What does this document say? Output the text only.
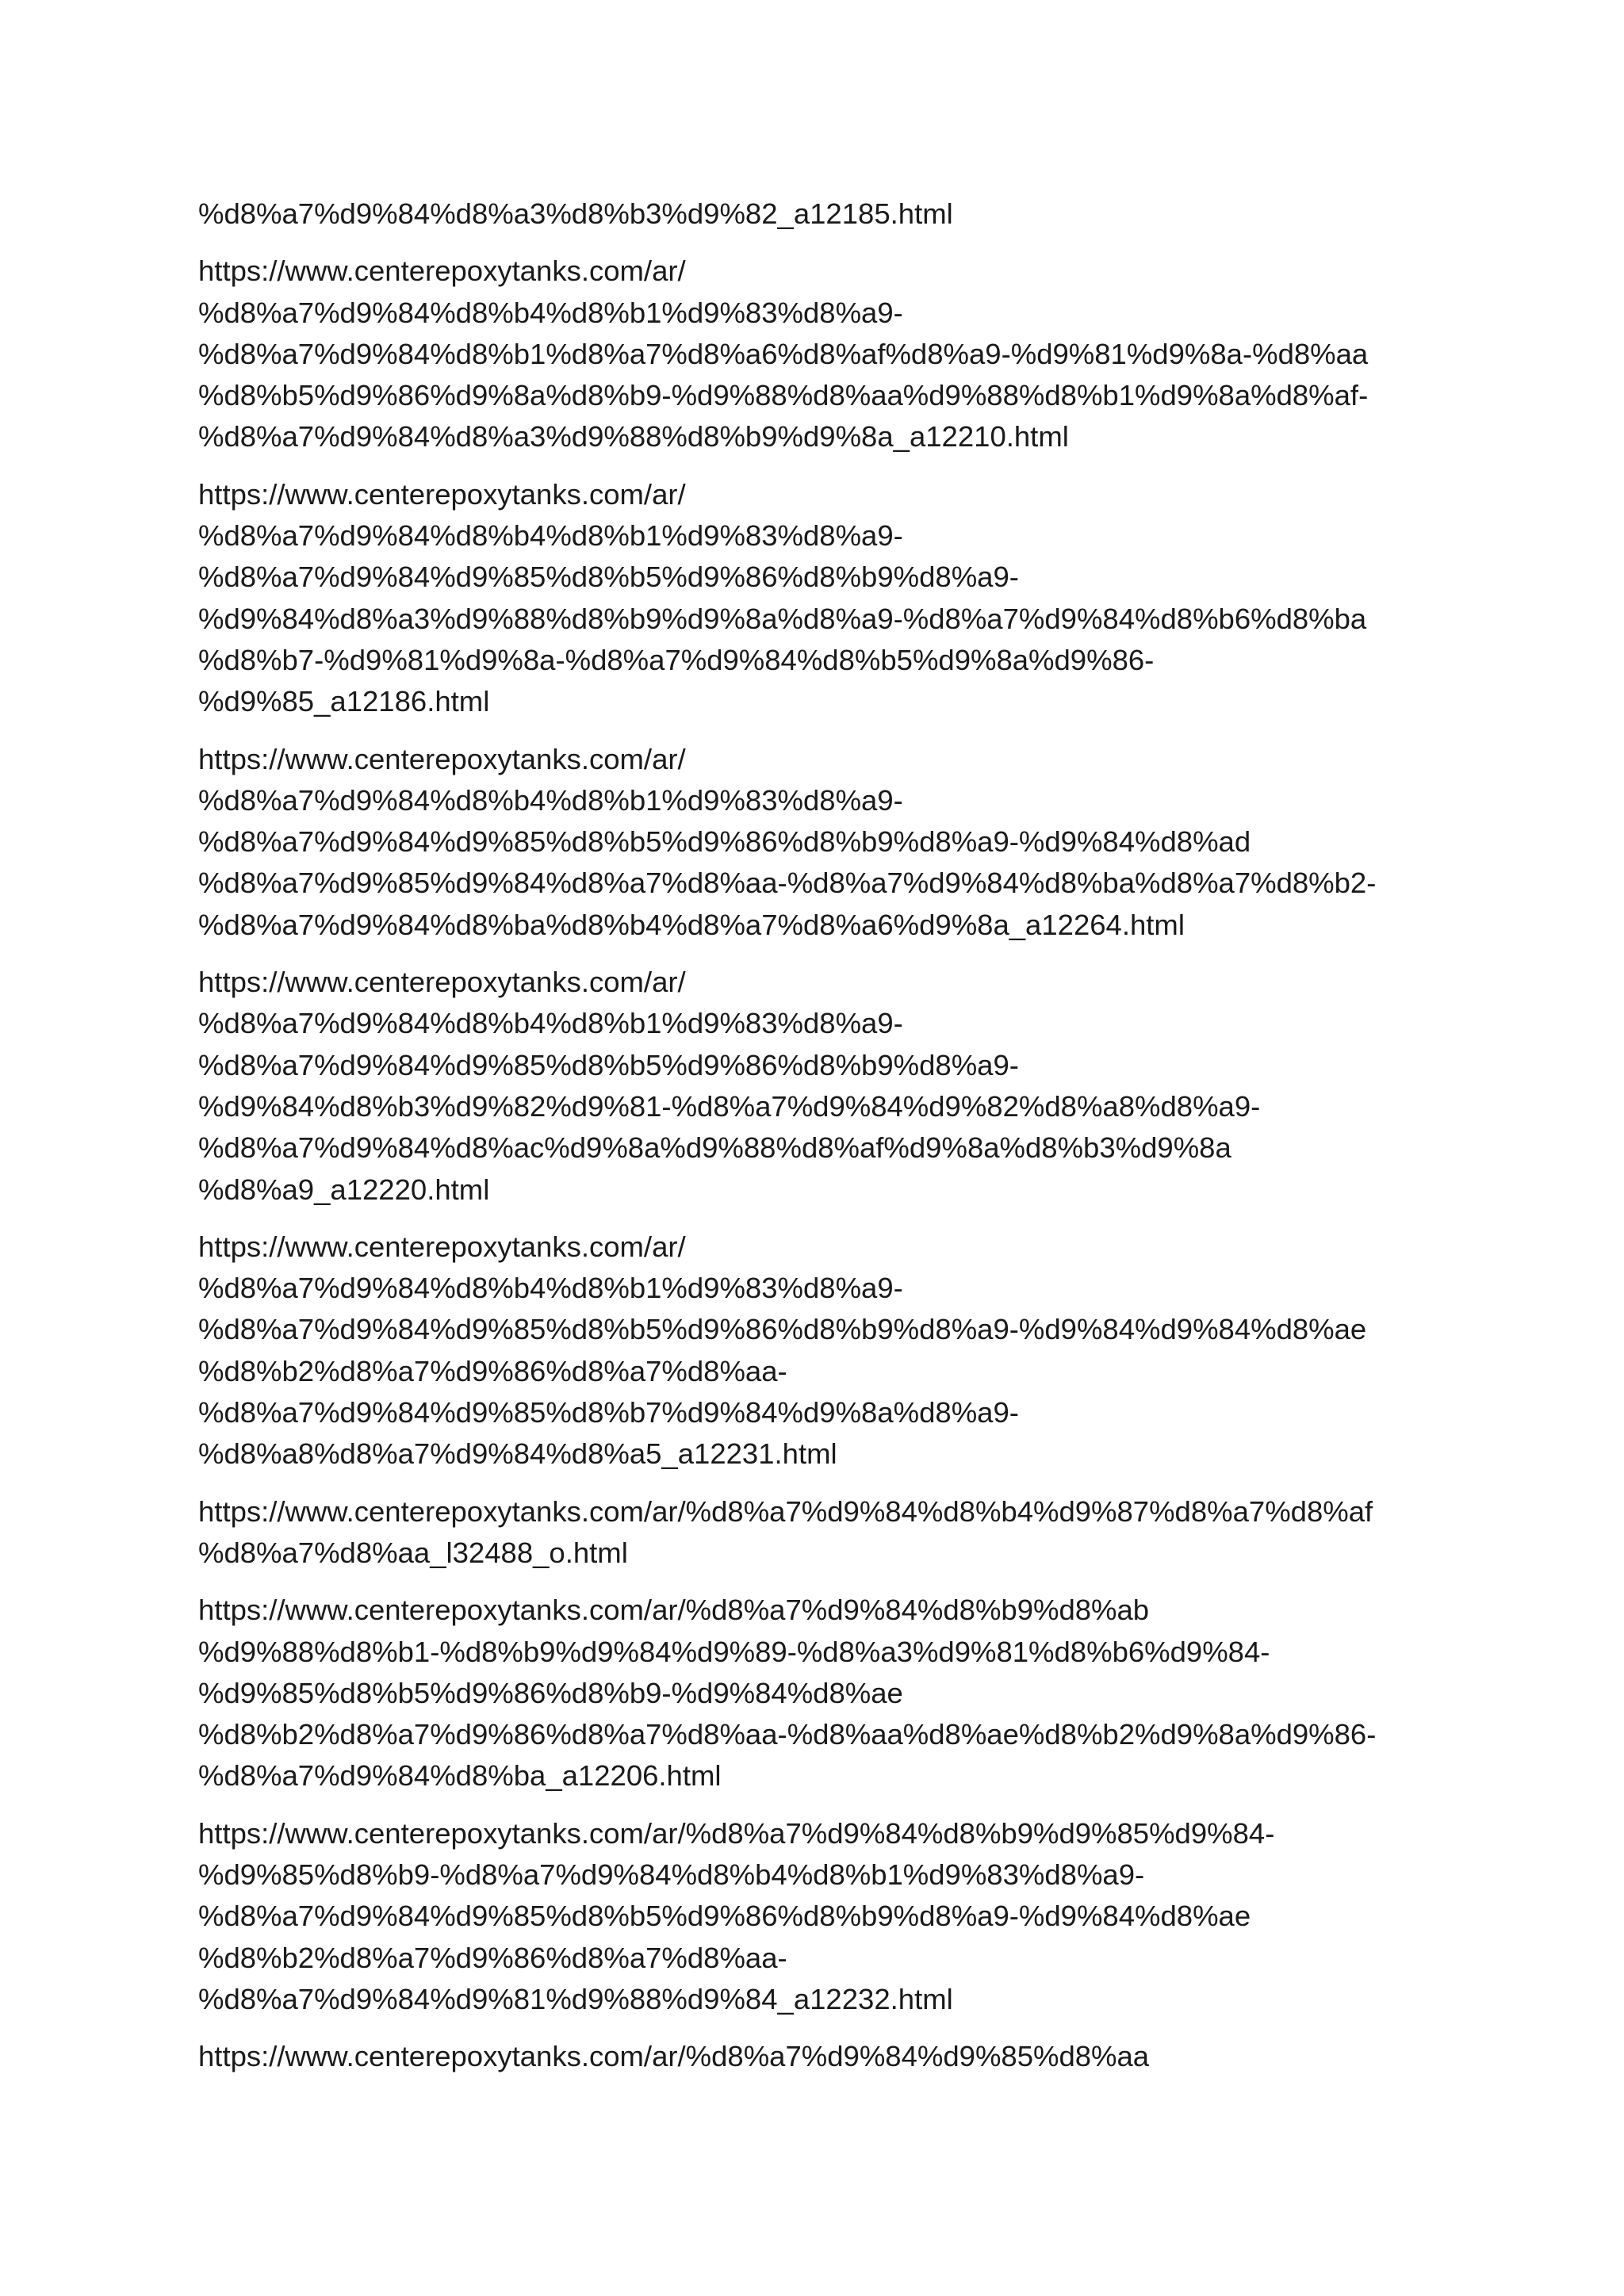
%d8%a7%d9%84%d8%a3%d8%b3%d9%82_a12185.html
https://www.centerepoxytanks.com/ar/
%d8%a7%d9%84%d8%b4%d8%b1%d9%83%d8%a9-
%d8%a7%d9%84%d8%b1%d8%a7%d8%a6%d8%af%d8%a9-%d9%81%d9%8a-%d8%aa
%d8%b5%d9%86%d9%8a%d8%b9-%d9%88%d8%aa%d9%88%d8%b1%d9%8a%d8%af-
%d8%a7%d9%84%d8%a3%d9%88%d8%b9%d9%8a_a12210.html
https://www.centerepoxytanks.com/ar/
%d8%a7%d9%84%d8%b4%d8%b1%d9%83%d8%a9-
%d8%a7%d9%84%d9%85%d8%b5%d9%86%d8%b9%d8%a9-
%d9%84%d8%a3%d9%88%d8%b9%d9%8a%d8%a9-%d8%a7%d9%84%d8%b6%d8%ba
%d8%b7-%d9%81%d9%8a-%d8%a7%d9%84%d8%b5%d9%8a%d9%86-
%d9%85_a12186.html
https://www.centerepoxytanks.com/ar/
%d8%a7%d9%84%d8%b4%d8%b1%d9%83%d8%a9-
%d8%a7%d9%84%d9%85%d8%b5%d9%86%d8%b9%d8%a9-%d9%84%d8%ad
%d8%a7%d9%85%d9%84%d8%a7%d8%aa-%d8%a7%d9%84%d8%ba%d8%a7%d8%b2-
%d8%a7%d9%84%d8%ba%d8%b4%d8%a7%d8%a6%d9%8a_a12264.html
https://www.centerepoxytanks.com/ar/
%d8%a7%d9%84%d8%b4%d8%b1%d9%83%d8%a9-
%d8%a7%d9%84%d9%85%d8%b5%d9%86%d8%b9%d8%a9-
%d9%84%d8%b3%d9%82%d9%81-%d8%a7%d9%84%d9%82%d8%a8%d8%a9-
%d8%a7%d9%84%d8%ac%d9%8a%d9%88%d8%af%d9%8a%d8%b3%d9%8a
%d8%a9_a12220.html
https://www.centerepoxytanks.com/ar/
%d8%a7%d9%84%d8%b4%d8%b1%d9%83%d8%a9-
%d8%a7%d9%84%d9%85%d8%b5%d9%86%d8%b9%d8%a9-%d9%84%d9%84%d8%ae
%d8%b2%d8%a7%d9%86%d8%a7%d8%aa-
%d8%a7%d9%84%d9%85%d8%b7%d9%84%d9%8a%d8%a9-
%d8%a8%d8%a7%d9%84%d8%a5_a12231.html
https://www.centerepoxytanks.com/ar/%d8%a7%d9%84%d8%b4%d9%87%d8%a7%d8%af
%d8%a7%d8%aa_l32488_o.html
https://www.centerepoxytanks.com/ar/%d8%a7%d9%84%d8%b9%d8%ab
%d9%88%d8%b1-%d8%b9%d9%84%d9%89-%d8%a3%d9%81%d8%b6%d9%84-
%d9%85%d8%b5%d9%86%d8%b9-%d9%84%d8%ae
%d8%b2%d8%a7%d9%86%d8%a7%d8%aa-%d8%aa%d8%ae%d8%b2%d9%8a%d9%86-
%d8%a7%d9%84%d8%ba_a12206.html
https://www.centerepoxytanks.com/ar/%d8%a7%d9%84%d8%b9%d9%85%d9%84-
%d9%85%d8%b9-%d8%a7%d9%84%d8%b4%d8%b1%d9%83%d8%a9-
%d8%a7%d9%84%d9%85%d8%b5%d9%86%d8%b9%d8%a9-%d9%84%d8%ae
%d8%b2%d8%a7%d9%86%d8%a7%d8%aa-
%d8%a7%d9%84%d9%81%d9%88%d9%84_a12232.html
https://www.centerepoxytanks.com/ar/%d8%a7%d9%84%d9%85%d8%aa
